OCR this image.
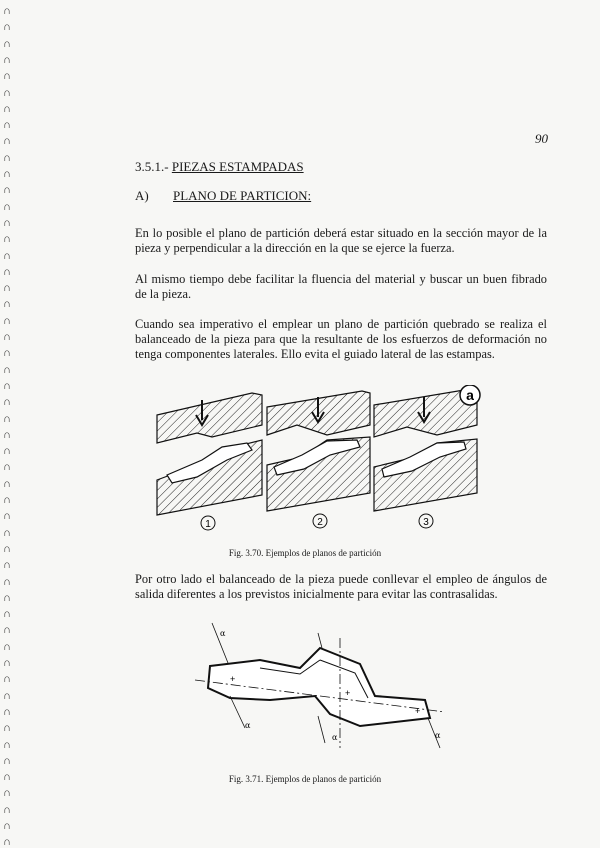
∩
∩
∩
∩
∩
∩
∩
∩
∩
∩
∩
∩
∩
∩
∩
∩
∩
∩
∩
∩
∩
∩
∩
∩
∩
∩
∩
∩
∩
∩
∩
∩
∩
∩
∩
∩
∩
∩
∩
∩
∩
∩
∩
∩
∩
∩
∩
∩
∩
∩
∩
∩
90
3.5.1.- PIEZAS ESTAMPADAS
A) PLANO DE PARTICION:

En lo posible el plano de partición deberá estar situado en la sección mayor de la pieza y perpendicular a la dirección en la que se ejerce la fuerza.

Al mismo tiempo debe facilitar la fluencia del material y buscar un buen fibrado de la pieza.

Cuando sea imperativo el emplear un plano de partición quebrado se realiza el balanceado de la pieza para que la resultante de los esfuerzos de deformación no tenga componentes laterales. Ello evita el guiado lateral de las estampas.

1	2
a
3
Fig. 3.70. Ejemplos de planos de partición

Por otro lado el balanceado de la pieza puede conllevar el empleo de ángulos de salida diferentes a los previstos inicialmente para evitar las contrasalidas.

α
α
α
α
+
+
+
Fig. 3.71. Ejemplos de planos de partición
